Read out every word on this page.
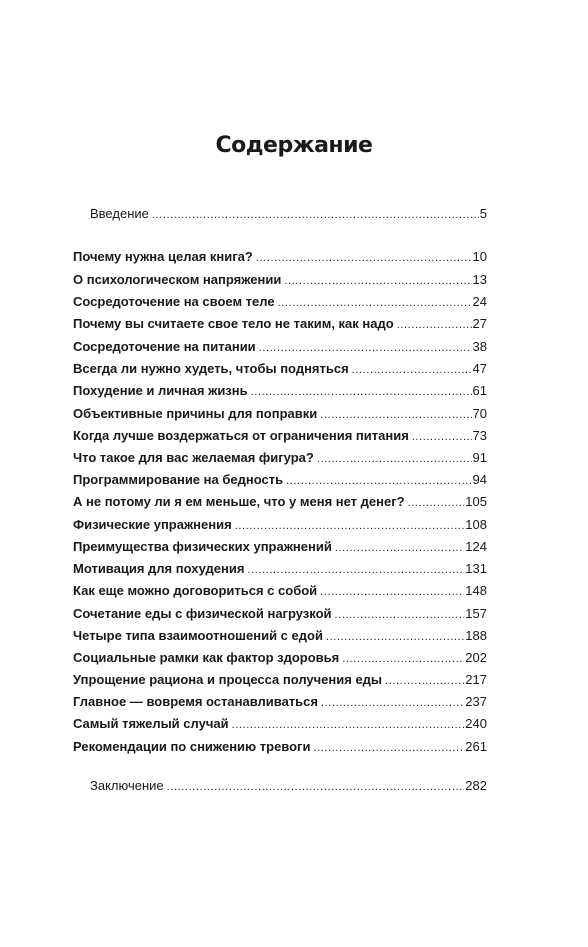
Содержание
Введение .....	5
Почему нужна целая книга? .....	10
О психологическом напряжении .....	13
Сосредоточение на своем теле .....	24
Почему вы считаете свое тело не таким, как надо .....	27
Сосредоточение на питании .....	38
Всегда ли нужно худеть, чтобы подняться .....	47
Похудение и личная жизнь .....	61
Объективные причины для поправки .....	70
Когда лучше воздержаться от ограничения питания .....	73
Что такое для вас желаемая фигура? .....	91
Программирование на бедность .....	94
А не потому ли я ем меньше, что у меня нет денег? .....	105
Физические упражнения .....	108
Преимущества физических упражнений .....	124
Мотивация для похудения .....	131
Как еще можно договориться с собой .....	148
Сочетание еды с физической нагрузкой .....	157
Четыре типа взаимоотношений с едой .....	188
Социальные рамки как фактор здоровья .....	202
Упрощение рациона и процесса получения еды .....	217
Главное — вовремя останавливаться .....	237
Самый тяжелый случай .....	240
Рекомендации по снижению тревоги .....	261
Заключение .....	282
